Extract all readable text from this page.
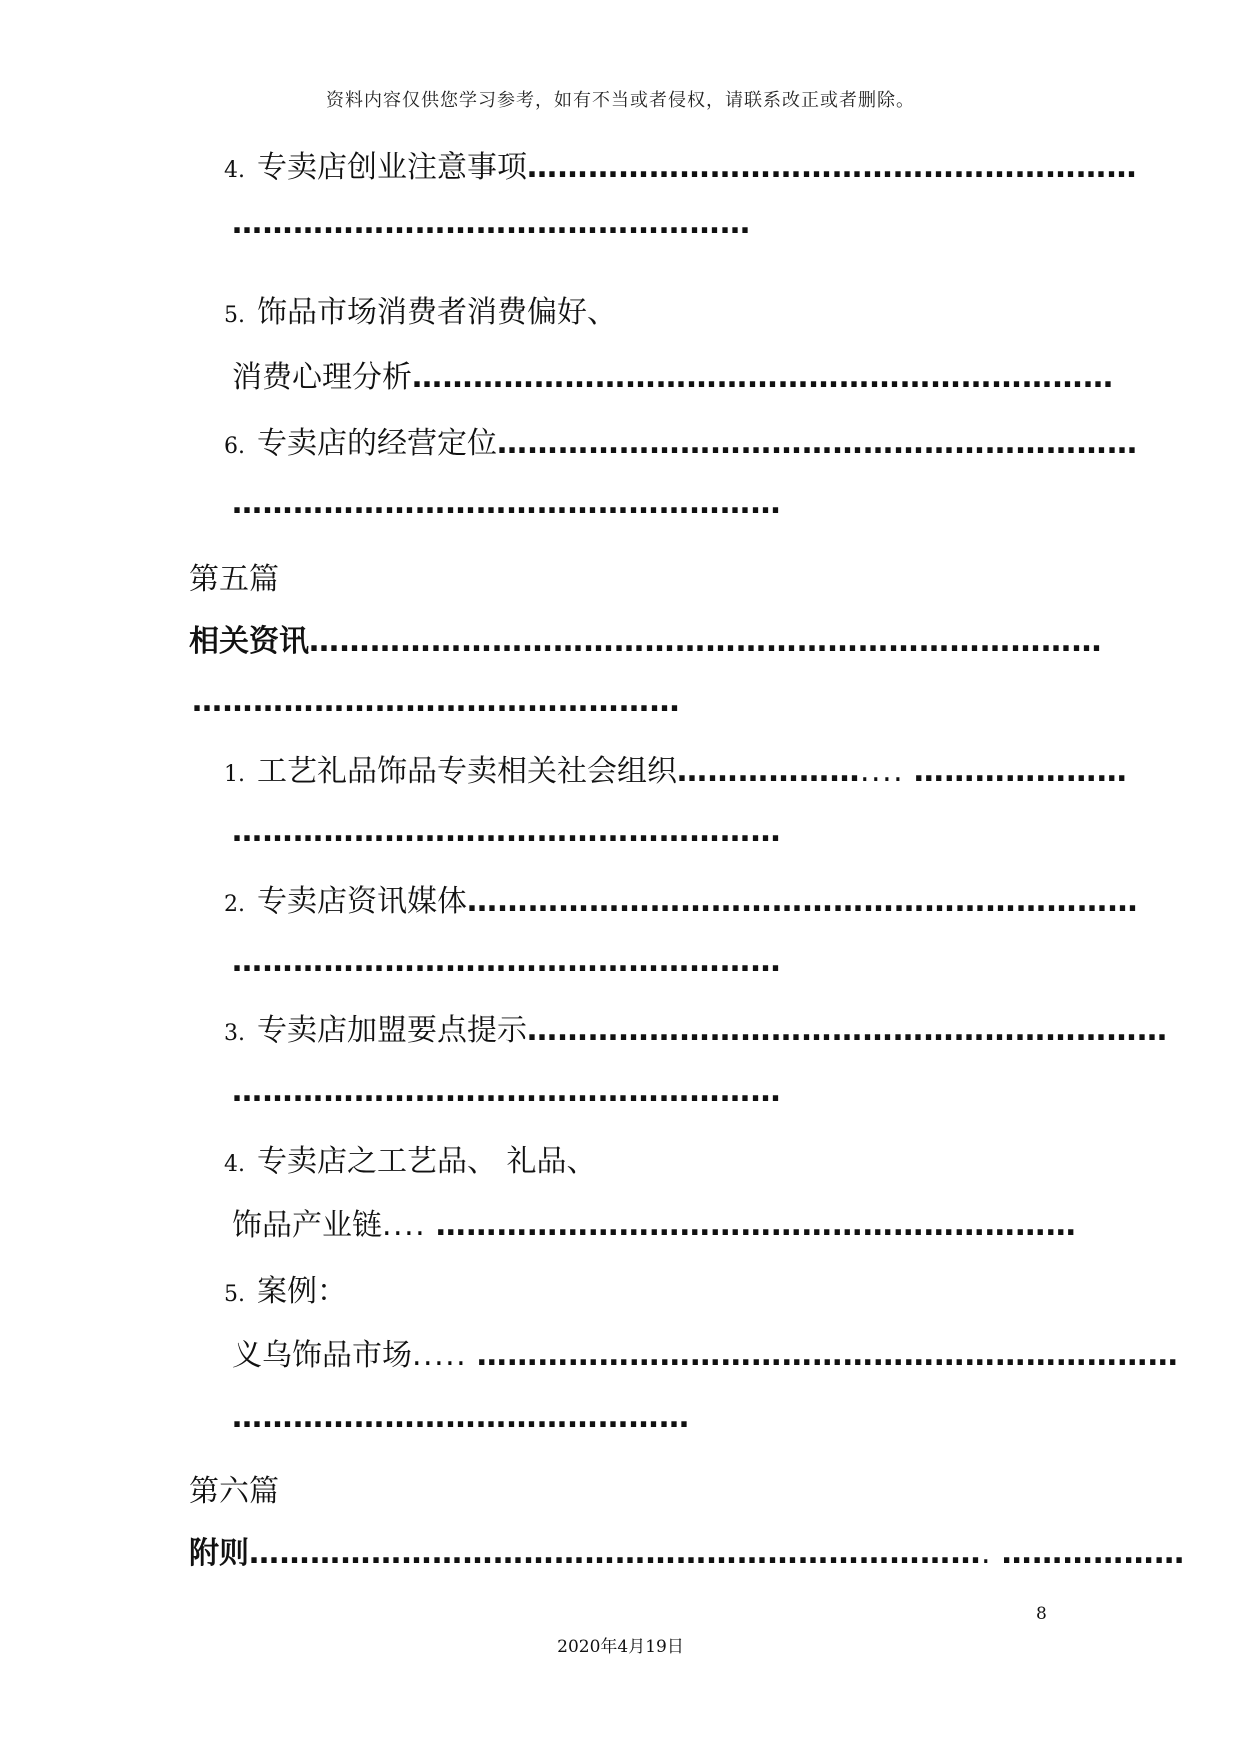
资料内容仅供您学习参考，如有不当或者侵权，请联系改正或者删除。
4. 专卖店创业注意事项……………………………………………………
……………………………………………
5. 饰品市场消费者消费偏好、
消费心理分析……………………………………………………………
6. 专卖店的经营定位………………………………………………………
………………………………………………
第五篇
相关资讯……………………………………………………………………
…………………………………………
1. 工艺礼品饰品专卖相关社会组织……………….... …………………
………………………………………………
2. 专卖店资讯媒体…………………………………………………………
………………………………………………
3. 专卖店加盟要点提示………………………………………………………
………………………………………………
4. 专卖店之工艺品、 礼品、
饰品产业链.... ………………………………………………………
5. 案例：
义乌饰品市场..... ……………………………………………………………
………………………………………
第六篇
附则………………………………………………………………. ………………
8
2020年4月19日
